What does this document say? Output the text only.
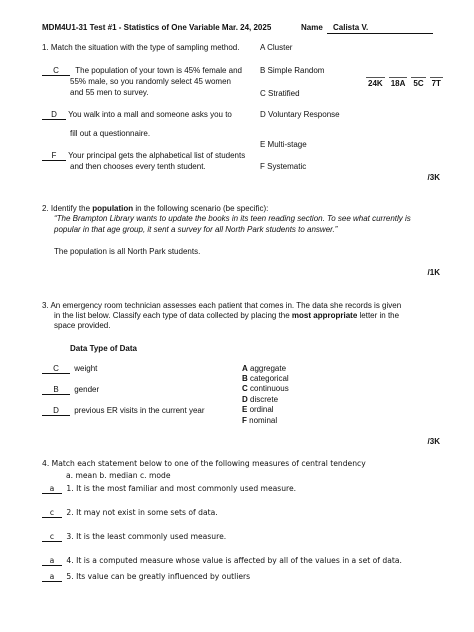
MDM4U1-31 Test #1 - Statistics of One Variable Mar. 24, 2025	Name	Calista V.
1. Match the situation with the type of sampling method.	A Cluster
B Simple Random
C Stratified
D Voluntary Response
E Multi-stage
F Systematic
C The population of your town is 45% female and
55% male, so you randomly select 45 women
and 55 men to survey.
D You walk into a mall and someone asks you to
fill out a questionnaire.
F Your principal gets the alphabetical list of students
and then chooses every tenth student.
/3K
24K 18A 5C 7T
2. Identify the population in the following scenario (be specific):
“The Brampton Library wants to update the books in its teen reading section. To see what currently is
popular in that age group, it sent a survey for all North Park students to answer.”
The population is all North Park students.
/1K
3. An emergency room technician assesses each patient that comes in. The data she records is given
in the list below. Classify each type of data collected by placing the most appropriate letter in the
space provided.
Data Type of Data
C weight
B gender
D previous ER visits in the current year
A aggregate
B categorical
C continuous
D discrete
E ordinal
F nominal
/3K
4. Match each statement below to one of the following measures of central tendency
a. mean b. median c. mode
a 1. It is the most familiar and most commonly used measure.
c 2. It may not exist in some sets of data.
c 3. It is the least commonly used measure.
a 4. It is a computed measure whose value is affected by all of the values in a set of data.
a 5. Its value can be greatly influenced by outliers
